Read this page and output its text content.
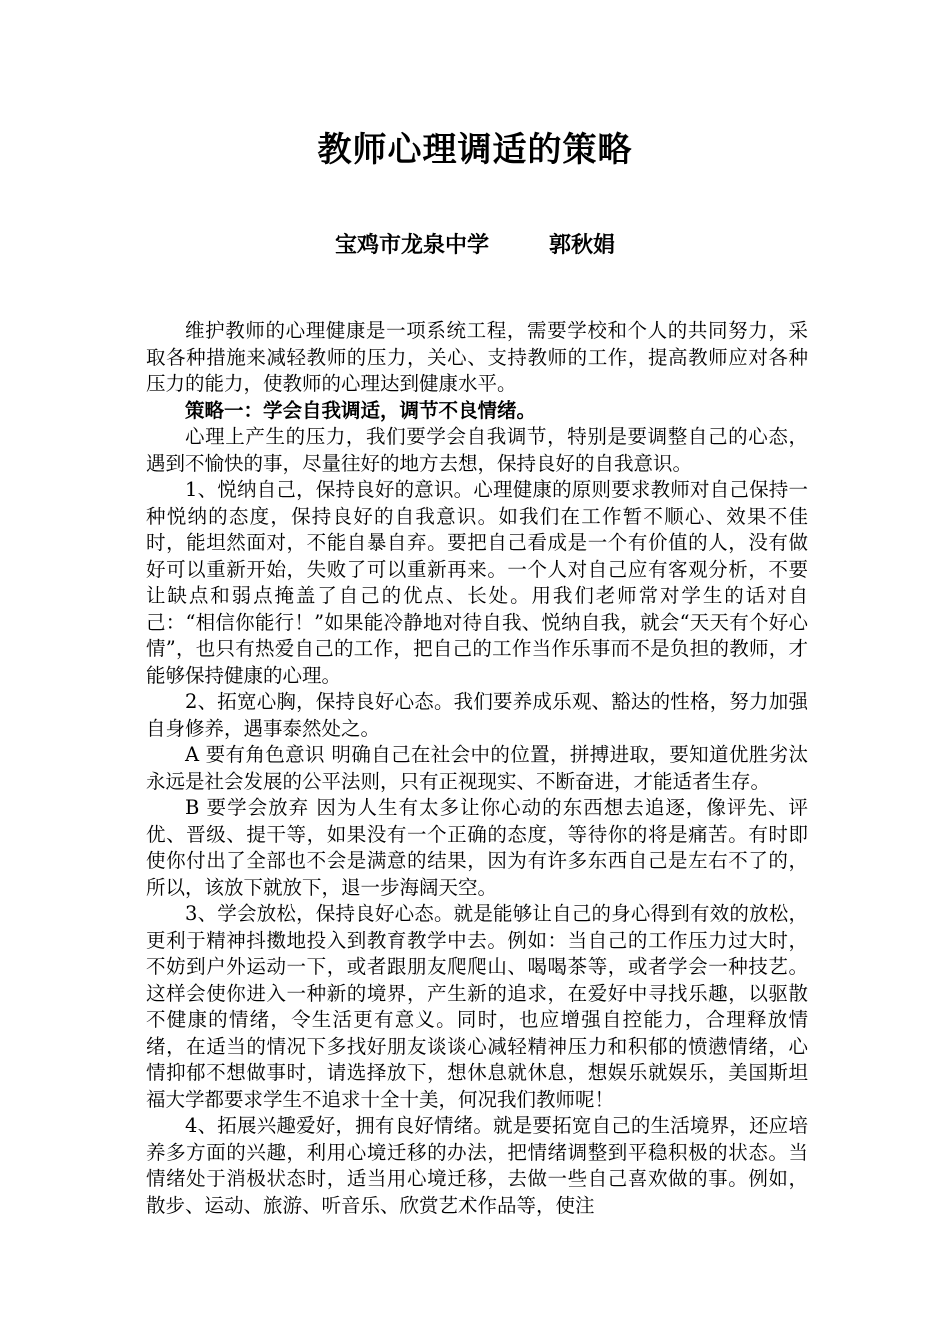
教师心理调适的策略
宝鸡市龙泉中学	郭秋娟

维护教师的心理健康是一项系统工程，需要学校和个人的共同努力，采取各种措施来减轻教师的压力，关心、支持教师的工作，提高教师应对各种压力的能力，使教师的心理达到健康水平。

策略一：学会自我调适，调节不良情绪。

心理上产生的压力，我们要学会自我调节，特别是要调整自己的心态，遇到不愉快的事，尽量往好的地方去想，保持良好的自我意识。

1、悦纳自己，保持良好的意识。心理健康的原则要求教师对自己保持一种悦纳的态度，保持良好的自我意识。如我们在工作暂不顺心、效果不佳时，能坦然面对，不能自暴自弃。要把自己看成是一个有价值的人，没有做好可以重新开始，失败了可以重新再来。一个人对自己应有客观分析，不要让缺点和弱点掩盖了自己的优点、长处。用我们老师常对学生的话对自己：“相信你能行！”如果能冷静地对待自我、悦纳自我，就会“天天有个好心情”，也只有热爱自己的工作，把自己的工作当作乐事而不是负担的教师，才能够保持健康的心理。

2、拓宽心胸，保持良好心态。我们要养成乐观、豁达的性格，努力加强自身修养，遇事泰然处之。

A 要有角色意识 明确自己在社会中的位置，拼搏进取，要知道优胜劣汰永远是社会发展的公平法则，只有正视现实、不断奋进，才能适者生存。

B 要学会放弃 因为人生有太多让你心动的东西想去追逐，像评先、评优、晋级、提干等，如果没有一个正确的态度，等待你的将是痛苦。有时即使你付出了全部也不会是满意的结果，因为有许多东西自己是左右不了的，所以，该放下就放下，退一步海阔天空。

3、学会放松，保持良好心态。就是能够让自己的身心得到有效的放松，更利于精神抖擞地投入到教育教学中去。例如：当自己的工作压力过大时，不妨到户外运动一下，或者跟朋友爬爬山、喝喝茶等，或者学会一种技艺。这样会使你进入一种新的境界，产生新的追求，在爱好中寻找乐趣，以驱散不健康的情绪，令生活更有意义。同时，也应增强自控能力，合理释放情绪，在适当的情况下多找好朋友谈谈心减轻精神压力和积郁的愤懑情绪，心情抑郁不想做事时，请选择放下，想休息就休息，想娱乐就娱乐，美国斯坦福大学都要求学生不追求十全十美，何况我们教师呢！

4、拓展兴趣爱好，拥有良好情绪。就是要拓宽自己的生活境界，还应培养多方面的兴趣，利用心境迁移的办法，把情绪调整到平稳积极的状态。当情绪处于消极状态时，适当用心境迁移，去做一些自己喜欢做的事。例如，散步、运动、旅游、听音乐、欣赏艺术作品等，使注
